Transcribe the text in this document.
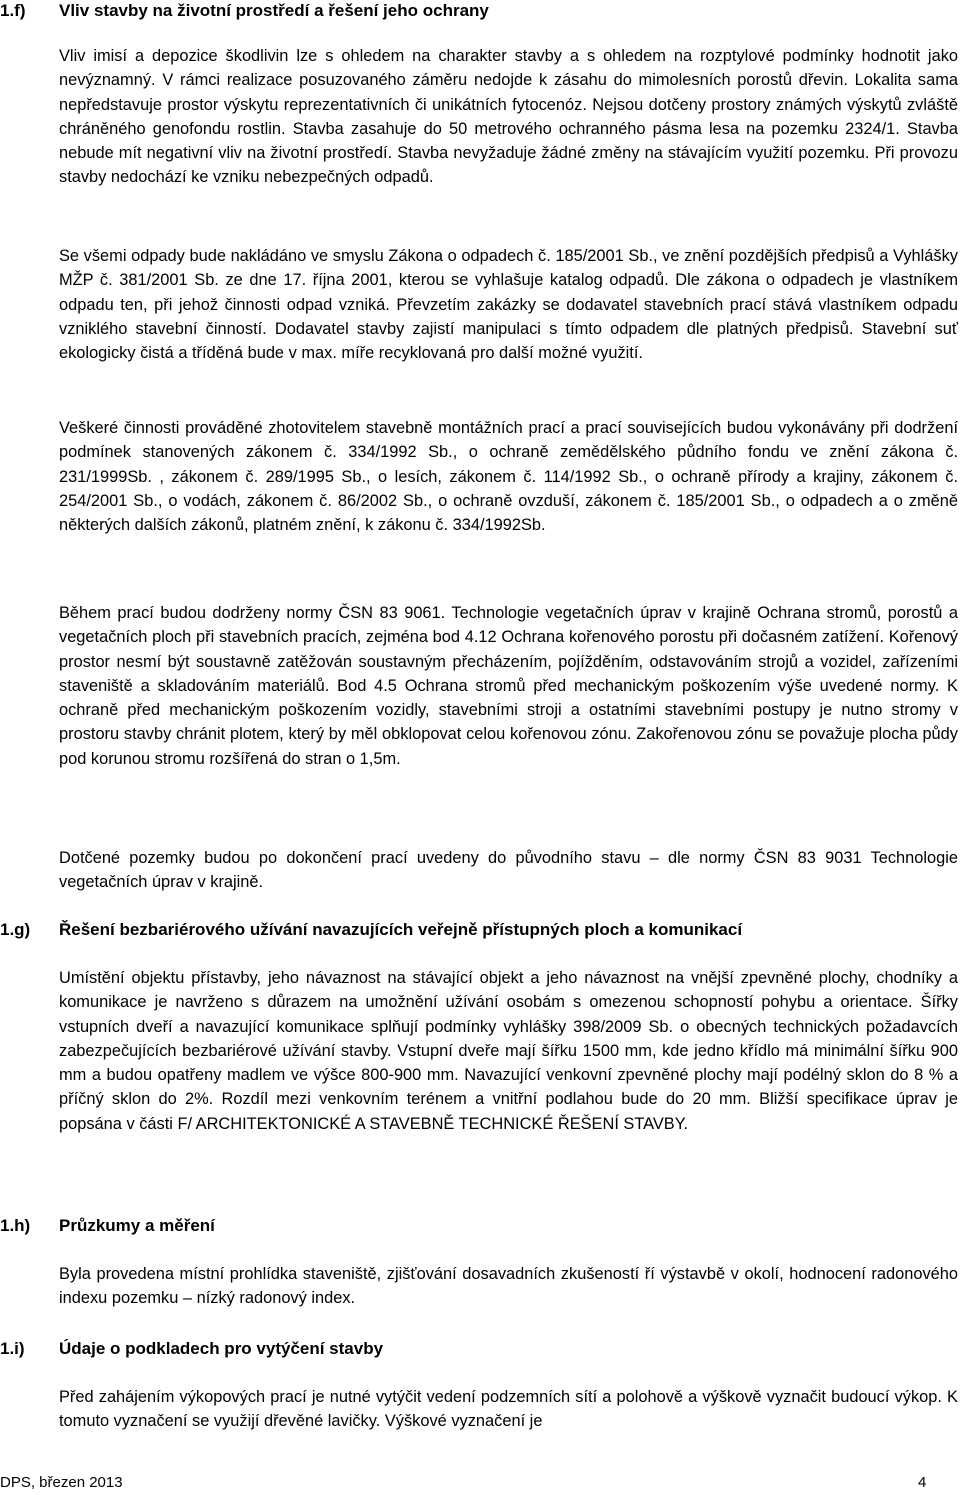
1.f) Vliv stavby na životní prostředí a řešení jeho ochrany

Vliv imisí a depozice škodlivin lze s ohledem na charakter stavby a s ohledem na rozptylové podmínky hodnotit jako nevýznamný. V rámci realizace posuzovaného záměru nedojde k zásahu do mimolesních porostů dřevin. Lokalita sama nepředstavuje prostor výskytu reprezentativních či unikátních fytocenóz. Nejsou dotčeny prostory známých výskytů zvláště chráněného genofondu rostlin. Stavba zasahuje do 50 metrového ochranného pásma lesa na pozemku 2324/1. Stavba nebude mít negativní vliv na životní prostředí. Stavba nevyžaduje žádné změny na stávajícím využití pozemku. Při provozu stavby nedochází ke vzniku nebezpečných odpadů.

Se všemi odpady bude nakládáno ve smyslu Zákona o odpadech č. 185/2001 Sb., ve znění pozdějších předpisů a Vyhlášky MŽP č. 381/2001 Sb. ze dne 17. října 2001, kterou se vyhlašuje katalog odpadů. Dle zákona o odpadech je vlastníkem odpadu ten, při jehož činnosti odpad vzniká. Převzetím zakázky se dodavatel stavebních prací stává vlastníkem odpadu vzniklého stavební činností. Dodavatel stavby zajistí manipulaci s tímto odpadem dle platných předpisů. Stavební suť ekologicky čistá a tříděná bude v max. míře recyklovaná pro další možné využití.

Veškeré činnosti prováděné zhotovitelem stavebně montážních prací a prací souvisejících budou vykonávány při dodržení podmínek stanovených zákonem č. 334/1992 Sb., o ochraně zemědělského půdního fondu ve znění zákona č. 231/1999Sb. , zákonem č. 289/1995 Sb., o lesích, zákonem č. 114/1992 Sb., o ochraně přírody a krajiny, zákonem č. 254/2001 Sb., o vodách, zákonem č. 86/2002 Sb., o ochraně ovzduší, zákonem č. 185/2001 Sb., o odpadech a o změně některých dalších zákonů, platném znění, k zákonu č. 334/1992Sb.

Během prací budou dodrženy normy ČSN 83 9061. Technologie vegetačních úprav v krajině Ochrana stromů, porostů a vegetačních ploch při stavebních pracích, zejména bod 4.12 Ochrana kořenového porostu při dočasném zatížení. Kořenový prostor nesmí být soustavně zatěžován soustavným přecházením, pojížděním, odstavováním strojů a vozidel, zařízeními staveniště a skladováním materiálů. Bod 4.5 Ochrana stromů před mechanickým poškozením výše uvedené normy. K ochraně před mechanickým poškozením vozidly, stavebními stroji a ostatními stavebními postupy je nutno stromy v prostoru stavby chránit plotem, který by měl obklopovat celou kořenovou zónu. Zakořenovou zónu se považuje plocha půdy pod korunou stromu rozšířená do stran o 1,5m.

Dotčené pozemky budou po dokončení prací uvedeny do původního stavu – dle normy ČSN 83 9031 Technologie vegetačních úprav v krajině.

1.g) Řešení bezbariérového užívání navazujících veřejně přístupných ploch a komunikací

Umístění objektu přístavby, jeho návaznost na stávající objekt a jeho návaznost na vnější zpevněné plochy, chodníky a komunikace je navrženo s důrazem na umožnění užívání osobám s omezenou schopností pohybu a orientace. Šířky vstupních dveří a navazující komunikace splňují podmínky vyhlášky 398/2009 Sb. o obecných technických požadavcích zabezpečujících bezbariérové užívání stavby. Vstupní dveře mají šířku 1500 mm, kde jedno křídlo má minimální šířku 900 mm a budou opatřeny madlem ve výšce 800-900 mm. Navazující venkovní zpevněné plochy mají podélný sklon do 8 % a příčný sklon do 2%. Rozdíl mezi venkovním terénem a vnitřní podlahou bude do 20 mm. Bližší specifikace úprav je popsána v části F/ ARCHITEKTONICKÉ A STAVEBNĚ TECHNICKÉ ŘEŠENÍ STAVBY.

1.h) Průzkumy a měření

Byla provedena místní prohlídka staveniště, zjišťování dosavadních zkušeností ří výstavbě v okolí, hodnocení radonového indexu pozemku – nízký radonový index.

1.i) Údaje o podkladech pro vytýčení stavby

Před zahájením výkopových prací je nutné vytýčit vedení podzemních sítí a polohově a výškově vyznačit budoucí výkop. K tomuto vyznačení se využijí dřevěné lavičky. Výškové vyznačení je

DPS, březen 2013	4
